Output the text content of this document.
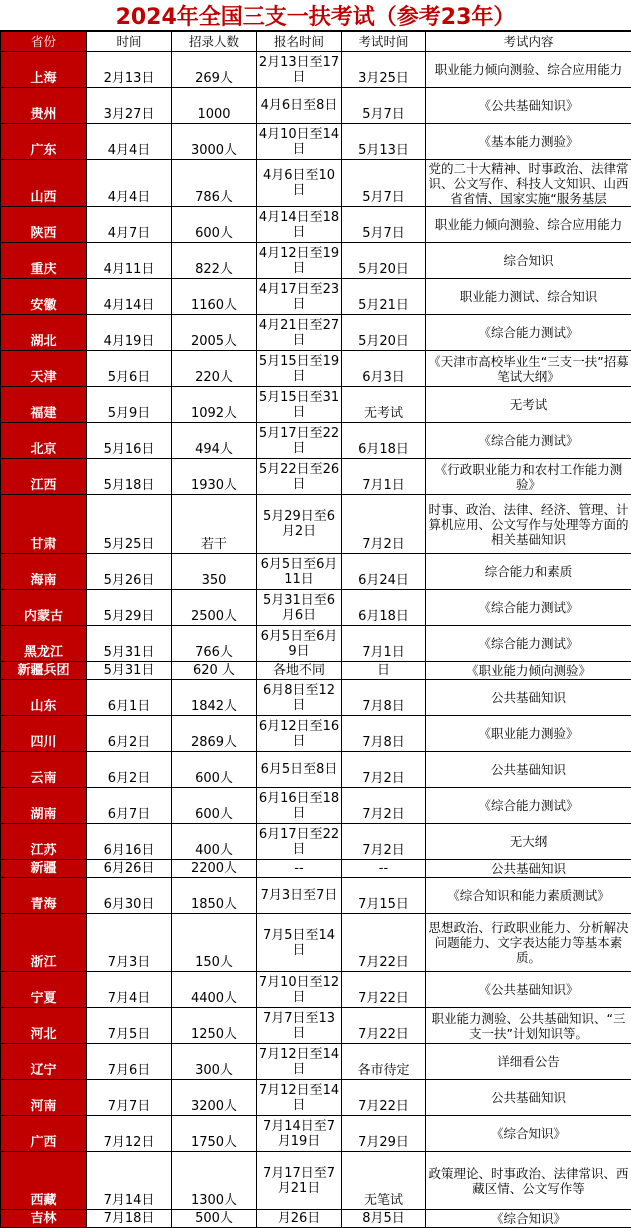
2024年全国三支一扶考试（参考23年）
省份	时间	招录人数	报名时间	考试时间	考试内容

上海	2月13日	269人	2月13日至17日	3月25日	职业能力倾向测验、综合应用能力

贵州	3月27日	1000	4月6日至8日	5月7日	《公共基础知识》

广东	4月4日	3000人	4月10日至14日	5月13日	《基本能力测验》

山西	4月4日	786人	4月6日至10日	5月7日	党的二十大精神、时事政治、法律常识、公文写作、科技人文知识、山西省省情、国家实施“服务基层

陕西	4月7日	600人	4月14日至18日	5月7日	职业能力倾向测验、综合应用能力

重庆	4月11日	822人	4月12日至19日	5月20日	综合知识

安徽	4月14日	1160人	4月17日至23日	5月21日	职业能力测试、综合知识

湖北	4月19日	2005人	4月21日至27日	5月20日	《综合能力测试》

天津	5月6日	220人	5月15日至19日	6月3日	《天津市高校毕业生“三支一扶”招募笔试大纲》

福建	5月9日	1092人	5月15日至31日	无考试	无考试

北京	5月16日	494人	5月17日至22日	6月18日	《综合能力测试》

江西	5月18日	1930人	5月22日至26日	7月1日	《行政职业能力和农村工作能力测验》

甘肃	5月25日	若干	5月29日至6月2日	7月2日	时事、政治、法律、经济、管理、计算机应用、公文写作与处理等方面的相关基础知识

海南	5月26日	350	6月5日至6月11日	6月24日	综合能力和素质

内蒙古	5月29日	2500人	5月31日至6月6日	6月18日	《综合能力测试》

黑龙江	5月31日	766人	6月5日至6月9日	7月1日	《综合能力测试》

新疆兵团	5月31日	620 人	各地不同	日	《职业能力倾向测验》

山东	6月1日	1842人	6月8日至12日	7月8日	公共基础知识

四川	6月2日	2869人	6月12日至16日	7月8日	《职业能力测验》

云南	6月2日	600人	6月5日至8日	7月2日	公共基础知识

湖南	6月7日	600人	6月16日至18日	7月2日	《综合能力测试》

江苏	6月16日	400人	6月17日至22日	7月2日	无大纲

新疆	6月26日	2200人	--	--	公共基础知识

青海	6月30日	1850人	7月3日至7日	7月15日	《综合知识和能力素质测试》

浙江	7月3日	150人	7月5日至14日	7月22日	思想政治、行政职业能力、分析解决问题能力、文字表达能力等基本素质。

宁夏	7月4日	4400人	7月10日至12日	7月22日	《公共基础知识》

河北	7月5日	1250人	7月7日至13日	7月22日	职业能力测验、公共基础知识、“三支一扶”计划知识等。

辽宁	7月6日	300人	7月12日至14日	各市待定	详细看公告

河南	7月7日	3200人	7月12日至14日	7月22日	公共基础知识

广西	7月12日	1750人	7月14日至7月19日	7月29日	《综合知识》

西藏	7月14日	1300人	7月17日至7月21日	无笔试	政策理论、时事政治、法律常识、西藏区情、公文写作等

吉林	7月18日	500人	月26日	8月5日	《综合知识》
